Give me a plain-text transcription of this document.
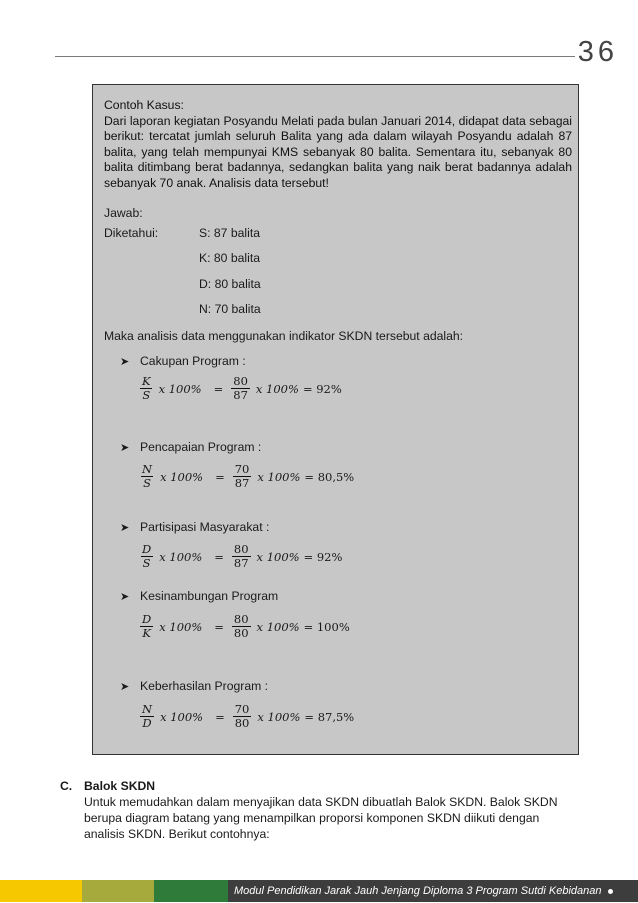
36

Contoh Kasus:

Dari laporan kegiatan Posyandu Melati pada bulan Januari 2014, didapat data sebagai berikut: tercatat jumlah seluruh Balita yang ada dalam wilayah Posyandu adalah 87 balita, yang telah mempunyai KMS sebanyak 80 balita. Sementara itu, sebanyak 80 balita ditimbang berat badannya, sedangkan balita yang naik berat badannya adalah sebanyak 70 anak. Analisis data tersebut!

Jawab:
Diketahui:	S: 87 balita
K: 80 balita
D: 80 balita
N: 70 balita
Maka analisis data menggunakan indikator SKDN tersebut adalah:
➤ Cakupan Program :
$\frac{K}{S}$ x $100\% = \frac{80}{87}$ x 100% = 92%
➤ Pencapaian Program :
$\frac{N}{S}$ x $100\% = \frac{70}{87}$ x 100% = 80,5%
➤ Partisipasi Masyarakat :
$\frac{D}{S}$ x $100\% = \frac{80}{87}$ x 100% = 92%
➤ Kesinambungan Program
$\frac{D}{K}$ x $100\% = \frac{80}{80}$ x 100% = 100%
➤ Keberhasilan Program :
$\frac{N}{D}$ x $100\% = \frac{70}{80}$ x 100% = 87,5%
C. Balok SKDN
Untuk memudahkan dalam menyajikan data SKDN dibuatlah Balok SKDN. Balok SKDN berupa diagram batang yang menampilkan proporsi komponen SKDN diikuti dengan analisis SKDN. Berikut contohnya:
Modul Pendidikan Jarak Jauh Jenjang Diploma 3 Program Sutdi Kebidanan
